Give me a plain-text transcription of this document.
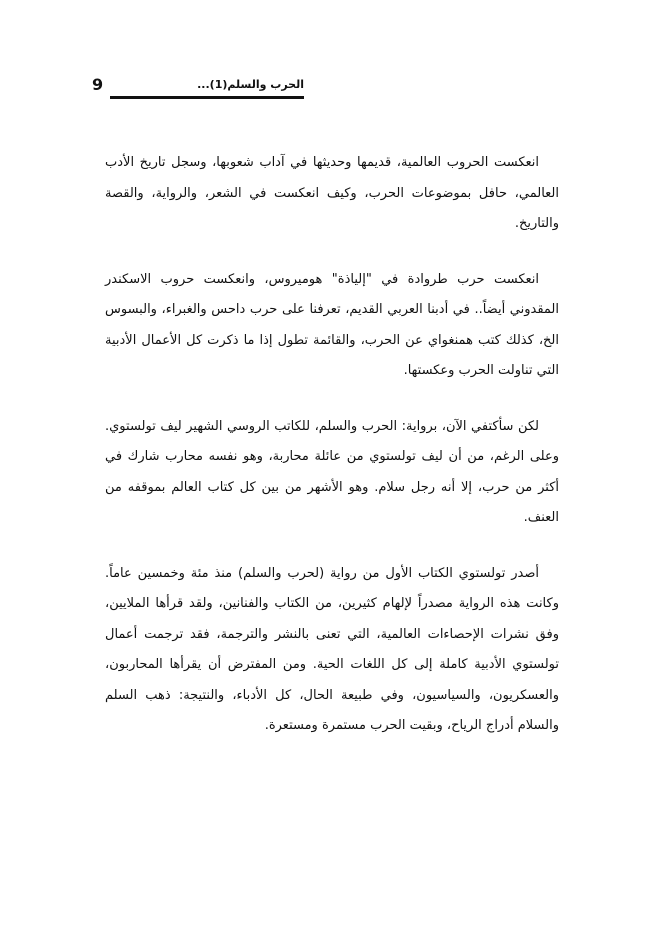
9	الحرب والسلم(1)...

انعكست الحروب العالمية، قديمها وحديثها في آداب شعوبها، وسجل تاريخ الأدب العالمي، حافل بموضوعات الحرب، وكيف انعكست في الشعر، والرواية، والقصة والتاريخ.

انعكست حرب طروادة في "إلياذة" هوميروس، وانعكست حروب الاسكندر المقدوني أيضاً.. في أدبنا العربي القديم، تعرفنا على حرب داحس والغبراء، والبسوس الخ، كذلك كتب همنغواي عن الحرب، والقائمة تطول إذا ما ذكرت كل الأعمال الأدبية التي تناولت الحرب وعكستها.

لكن سأكتفي الآن، برواية: الحرب والسلم، للكاتب الروسي الشهير ليف تولستوي. وعلى الرغم، من أن ليف تولستوي من عائلة محاربة، وهو نفسه محارب شارك في أكثر من حرب، إلا أنه رجل سلام. وهو الأشهر من بين كل كتاب العالم بموقفه من العنف.

أصدر تولستوي الكتاب الأول من رواية (لحرب والسلم) منذ مئة وخمسين عاماً. وكانت هذه الرواية مصدراً لإلهام كثيرين، من الكتاب والفنانين، ولقد قرأها الملايين، وفق نشرات الإحصاءات العالمية، التي تعنى بالنشر والترجمة، فقد ترجمت أعمال تولستوي الأدبية كاملة إلى كل اللغات الحية. ومن المفترض أن يقرأها المحاربون، والعسكريون، والسياسيون، وفي طبيعة الحال، كل الأدباء، والنتيجة: ذهب السلم والسلام أدراج الرياح، وبقيت الحرب مستمرة ومستعرة.
